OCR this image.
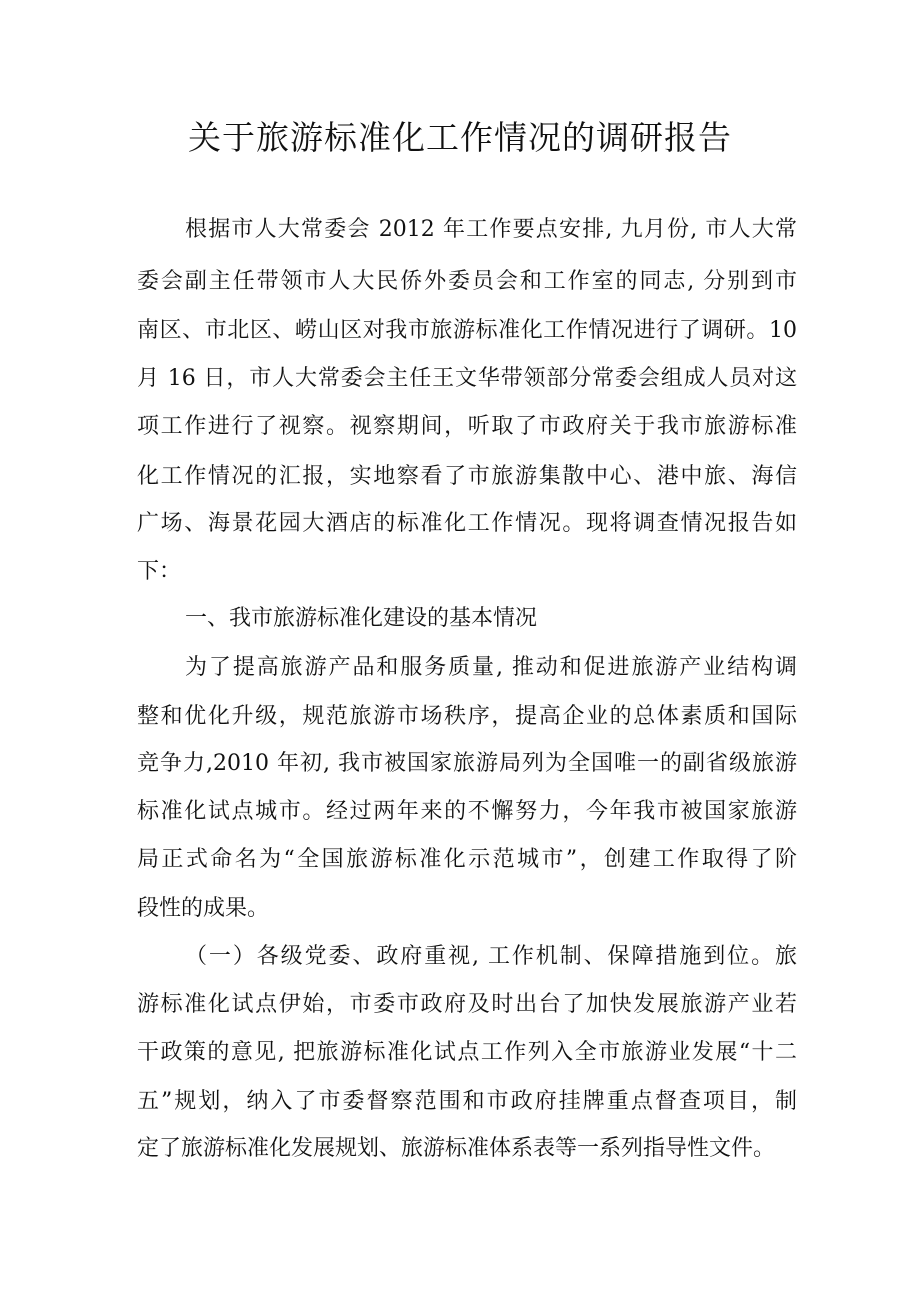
关于旅游标准化工作情况的调研报告
根据市人大常委会 2012 年工作要点安排, 九月份, 市人大常
委会副主任带领市人大民侨外委员会和工作室的同志, 分别到市
南区、市北区、崂山区对我市旅游标准化工作情况进行了调研。10
月 16 日，市人大常委会主任王文华带领部分常委会组成人员对这
项工作进行了视察。视察期间，听取了市政府关于我市旅游标准
化工作情况的汇报，实地察看了市旅游集散中心、港中旅、海信
广场、海景花园大酒店的标准化工作情况。现将调查情况报告如
下：
一、我市旅游标准化建设的基本情况
为了提高旅游产品和服务质量, 推动和促进旅游产业结构调
整和优化升级，规范旅游市场秩序，提高企业的总体素质和国际
竞争力,2010 年初, 我市被国家旅游局列为全国唯一的副省级旅游
标准化试点城市。经过两年来的不懈努力，今年我市被国家旅游
局正式命名为“全国旅游标准化示范城市”，创建工作取得了阶
段性的成果。
（一）各级党委、政府重视, 工作机制、保障措施到位。旅
游标准化试点伊始，市委市政府及时出台了加快发展旅游产业若
干政策的意见, 把旅游标准化试点工作列入全市旅游业发展“十二
五”规划，纳入了市委督察范围和市政府挂牌重点督查项目，制
定了旅游标准化发展规划、旅游标准体系表等一系列指导性文件。
